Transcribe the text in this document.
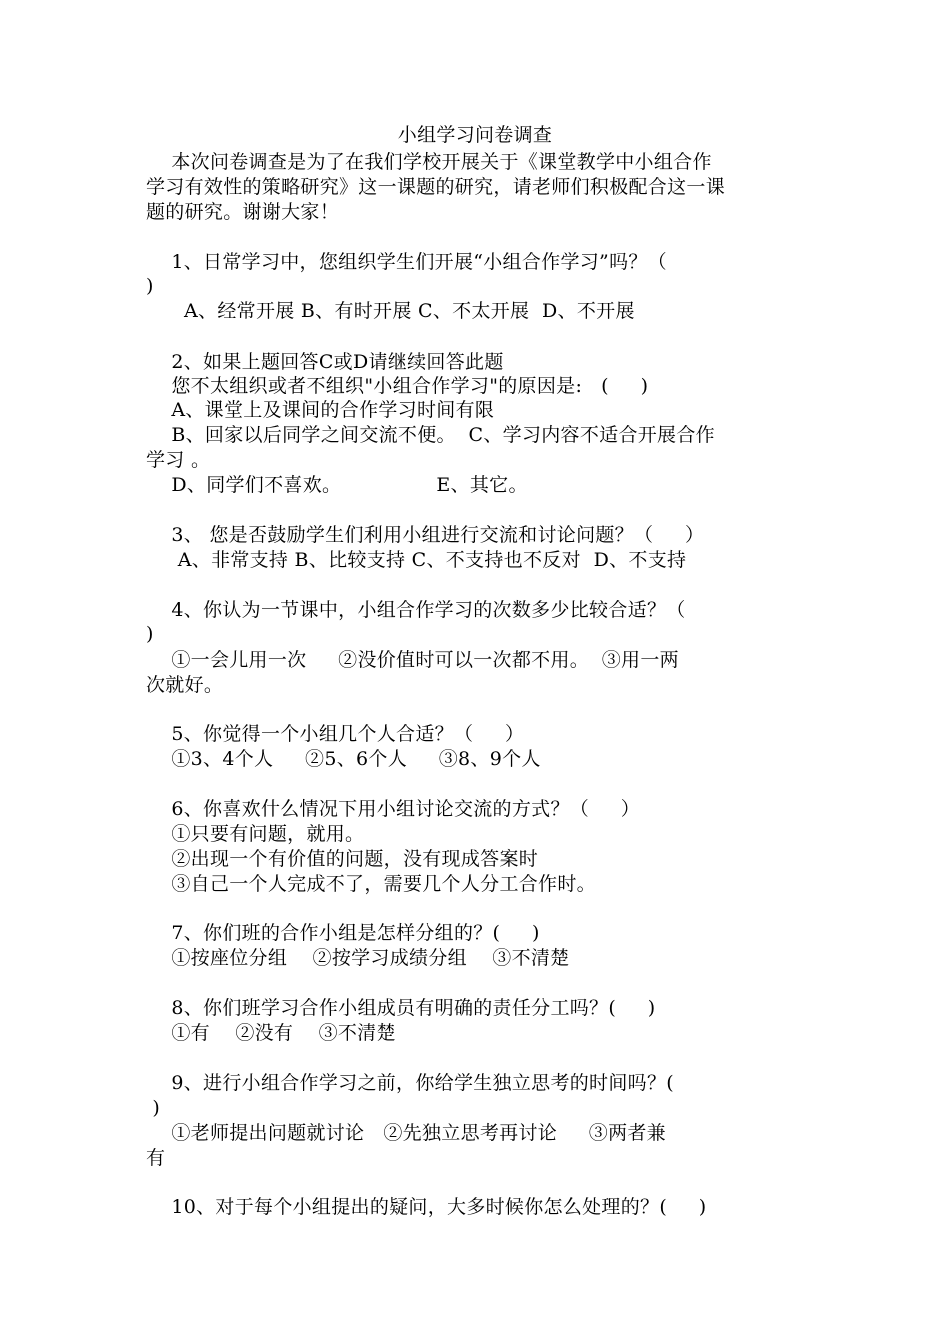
小组学习问卷调查
本次问卷调查是为了在我们学校开展关于《课堂教学中小组合作
学习有效性的策略研究》这一课题的研究，请老师们积极配合这一课
题的研究。谢谢大家！
1、日常学习中，您组织学生们开展“小组合作学习”吗？（
)
A、经常开展 B、有时开展 C、不太开展  D、不开展
2、如果上题回答C或D请继续回答此题
您不太组织或者不组织"小组合作学习"的原因是:   (     )
A、课堂上及课间的合作学习时间有限
B、回家以后同学之间交流不便。  C、学习内容不适合开展合作
学习 。
D、同学们不喜欢。               E、其它。
3、 您是否鼓励学生们利用小组进行交流和讨论问题？（     ）
A、非常支持 B、比较支持 C、不支持也不反对  D、不支持
4、你认为一节课中，小组合作学习的次数多少比较合适？（
)
①一会儿用一次     ②没价值时可以一次都不用。  ③用一两
次就好。
5、你觉得一个小组几个人合适？（     ）
①3、4个人     ②5、6个人     ③8、9个人
6、你喜欢什么情况下用小组讨论交流的方式？（     ）
①只要有问题，就用。
②出现一个有价值的问题，没有现成答案时
③自己一个人完成不了，需要几个人分工合作时。
7、你们班的合作小组是怎样分组的？(     )
①按座位分组    ②按学习成绩分组    ③不清楚
8、你们班学习合作小组成员有明确的责任分工吗？(     )
①有    ②没有    ③不清楚
9、进行小组合作学习之前，你给学生独立思考的时间吗？(
)
①老师提出问题就讨论   ②先独立思考再讨论     ③两者兼
有
10、对于每个小组提出的疑问，大多时候你怎么处理的？(     )
